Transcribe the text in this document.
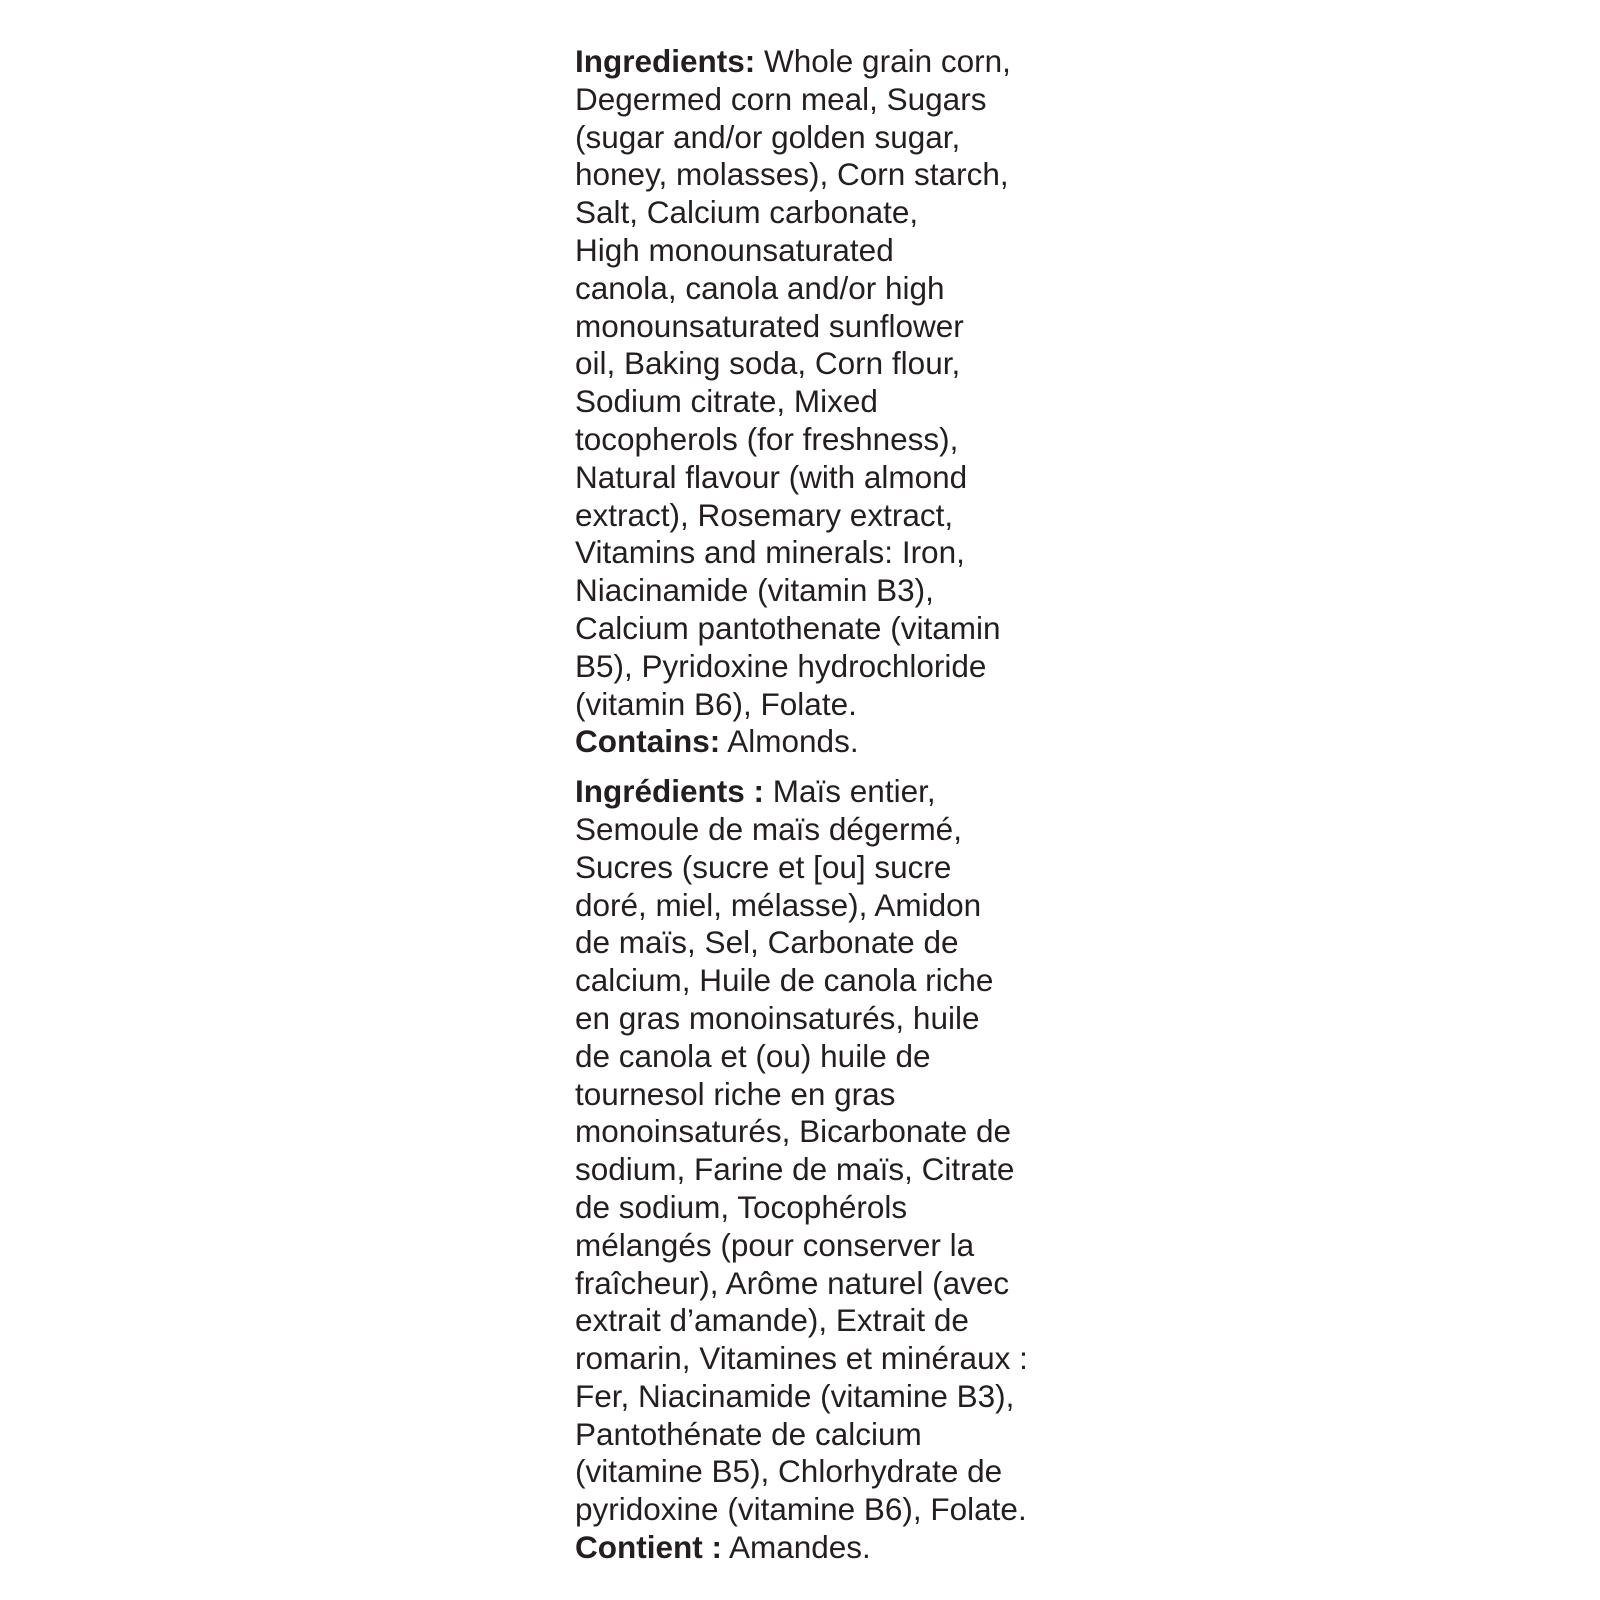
Ingredients: Whole grain corn,
Degermed corn meal, Sugars
(sugar and/or golden sugar,
honey, molasses), Corn starch,
Salt, Calcium carbonate,
High monounsaturated
canola, canola and/or high
monounsaturated sunflower
oil, Baking soda, Corn flour,
Sodium citrate, Mixed
tocopherols (for freshness),
Natural flavour (with almond
extract), Rosemary extract,
Vitamins and minerals: Iron,
Niacinamide (vitamin B3),
Calcium pantothenate (vitamin
B5), Pyridoxine hydrochloride
(vitamin B6), Folate.
Contains: Almonds.
Ingrédients : Maïs entier,
Semoule de maïs dégermé,
Sucres (sucre et [ou] sucre
doré, miel, mélasse), Amidon
de maïs, Sel, Carbonate de
calcium, Huile de canola riche
en gras monoinsaturés, huile
de canola et (ou) huile de
tournesol riche en gras
monoinsaturés, Bicarbonate de
sodium, Farine de maïs, Citrate
de sodium, Tocophérols
mélangés (pour conserver la
fraîcheur), Arôme naturel (avec
extrait d’amande), Extrait de
romarin, Vitamines et minéraux :
Fer, Niacinamide (vitamine B3),
Pantothénate de calcium
(vitamine B5), Chlorhydrate de
pyridoxine (vitamine B6), Folate.
Contient : Amandes.
